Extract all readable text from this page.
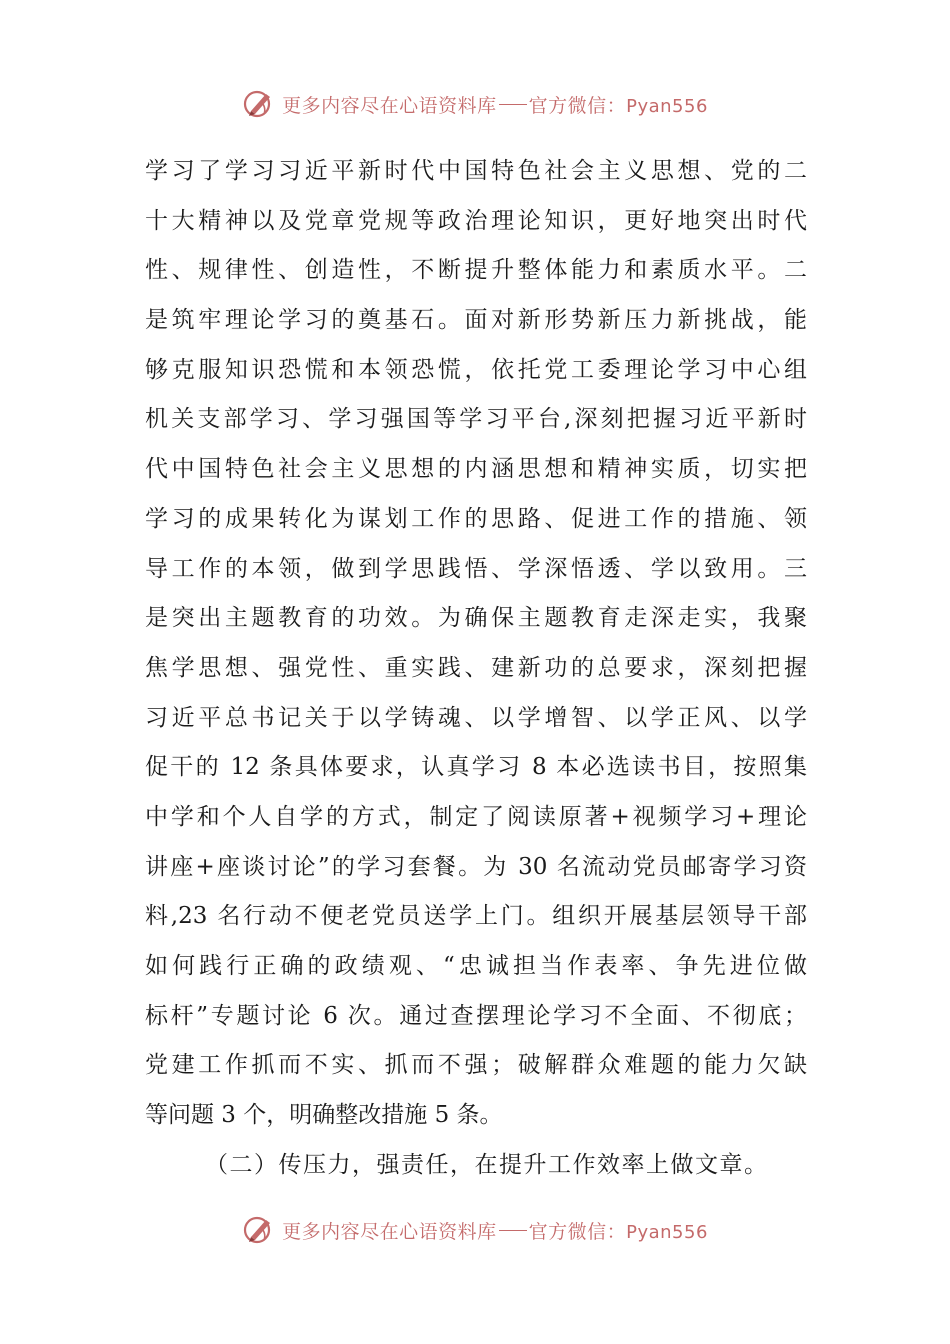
更多内容尽在心语资料库 官方微信：Pyan556
学习了学习习近平新时代中国特色社会主义思想、党的二
十大精神以及党章党规等政治理论知识，更好地突出时代
性、规律性、创造性，不断提升整体能力和素质水平。二
是筑牢理论学习的奠基石。面对新形势新压力新挑战，能
够克服知识恐慌和本领恐慌，依托党工委理论学习中心组
机关支部学习、学习强国等学习平台,深刻把握习近平新时
代中国特色社会主义思想的内涵思想和精神实质，切实把
学习的成果转化为谋划工作的思路、促进工作的措施、领
导工作的本领，做到学思践悟、学深悟透、学以致用。三
是突出主题教育的功效。为确保主题教育走深走实，我聚
焦学思想、强党性、重实践、建新功的总要求，深刻把握
习近平总书记关于以学铸魂、以学增智、以学正风、以学
促干的 12 条具体要求，认真学习 8 本必选读书目，按照集
中学和个人自学的方式，制定了阅读原著+视频学习+理论
讲座+座谈讨论”的学习套餐。为 30 名流动党员邮寄学习资
料,23 名行动不便老党员送学上门。组织开展基层领导干部
如何践行正确的政绩观、“忠诚担当作表率、争先进位做
标杆”专题讨论 6 次。通过查摆理论学习不全面、不彻底；
党建工作抓而不实、抓而不强；破解群众难题的能力欠缺
等问题 3 个，明确整改措施 5 条。
（二）传压力，强责任，在提升工作效率上做文章。
更多内容尽在心语资料库 官方微信：Pyan556
